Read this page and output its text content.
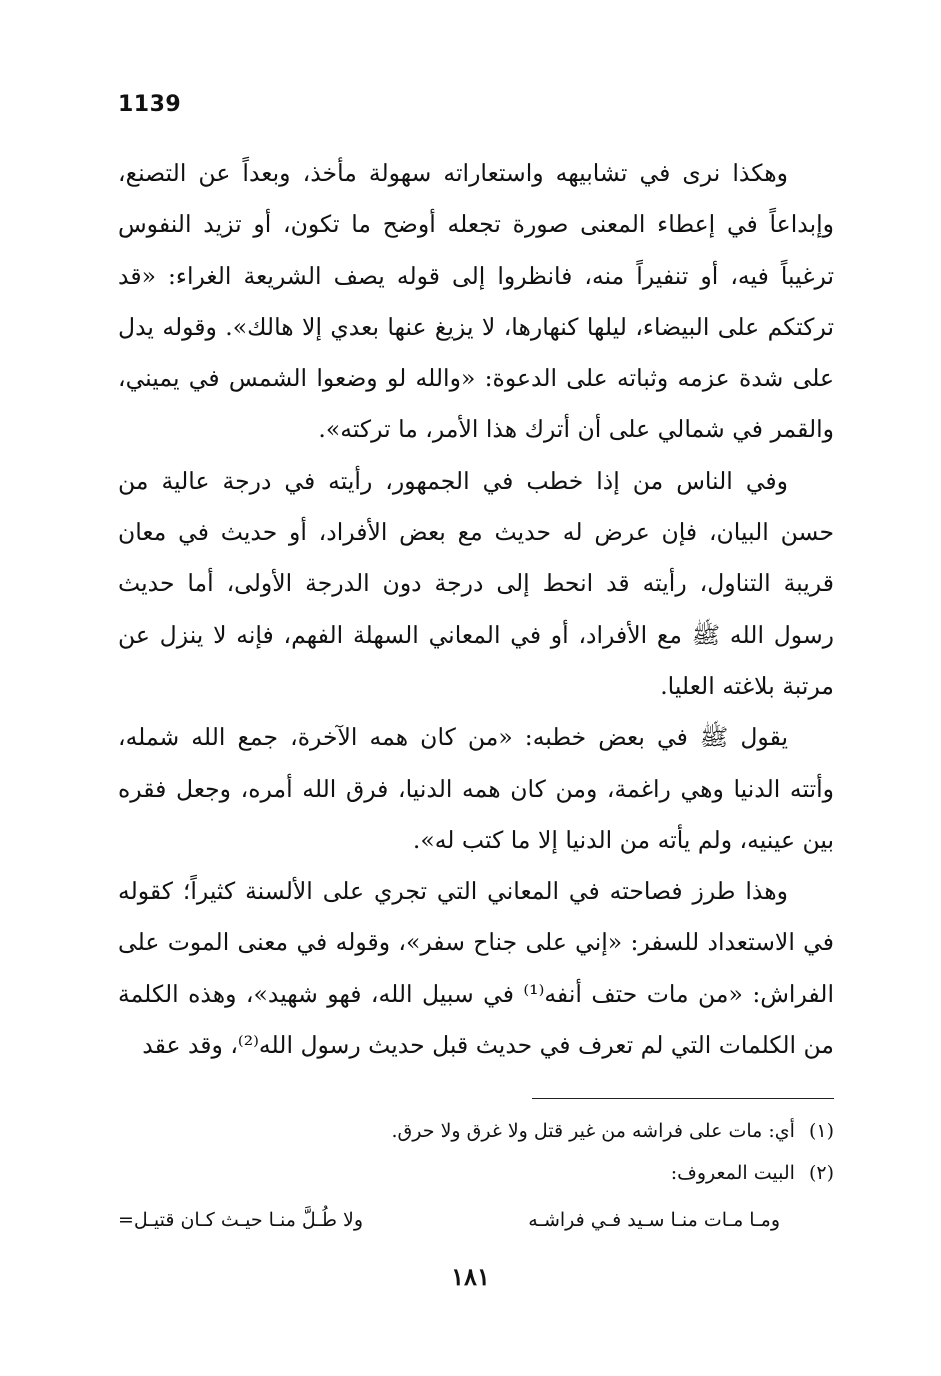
1139

وهكذا نرى في تشابيهه واستعاراته سهولة مأخذ، وبعداً عن التصنع، وإبداعاً في إعطاء المعنى صورة تجعله أوضح ما تكون، أو تزيد النفوس ترغيباً فيه، أو تنفيراً منه، فانظروا إلى قوله يصف الشريعة الغراء: «قد تركتكم على البيضاء، ليلها كنهارها، لا يزيغ عنها بعدي إلا هالك». وقوله يدل على شدة عزمه وثباته على الدعوة: «والله لو وضعوا الشمس في يميني، والقمر في شمالي على أن أترك هذا الأمر، ما تركته».

وفي الناس من إذا خطب في الجمهور، رأيته في درجة عالية من حسن البيان، فإن عرض له حديث مع بعض الأفراد، أو حديث في معان قريبة التناول، رأيته قد انحط إلى درجة دون الدرجة الأولى، أما حديث رسول الله ﷺ مع الأفراد، أو في المعاني السهلة الفهم، فإنه لا ينزل عن مرتبة بلاغته العليا.

يقول ﷺ في بعض خطبه: «من كان همه الآخرة، جمع الله شمله، وأتته الدنيا وهي راغمة، ومن كان همه الدنيا، فرق الله أمره، وجعل فقره بين عينيه، ولم يأته من الدنيا إلا ما كتب له».

وهذا طرز فصاحته في المعاني التي تجري على الألسنة كثيراً؛ كقوله في الاستعداد للسفر: «إني على جناح سفر»، وقوله في معنى الموت على الفراش: «من مات حتف أنفه⁽¹⁾ في سبيل الله، فهو شهيد»، وهذه الكلمة من الكلمات التي لم تعرف في حديث قبل حديث رسول الله⁽²⁾، وقد عقد

(١)أي: مات على فراشه من غير قتل ولا غرق ولا حرق.
(٢)البيت المعروف:
ومـا مـات منـا سـيد فـي فراشـه
ولا طُـلَّ منـا حيـث كـان قتيـل=
١٨١
